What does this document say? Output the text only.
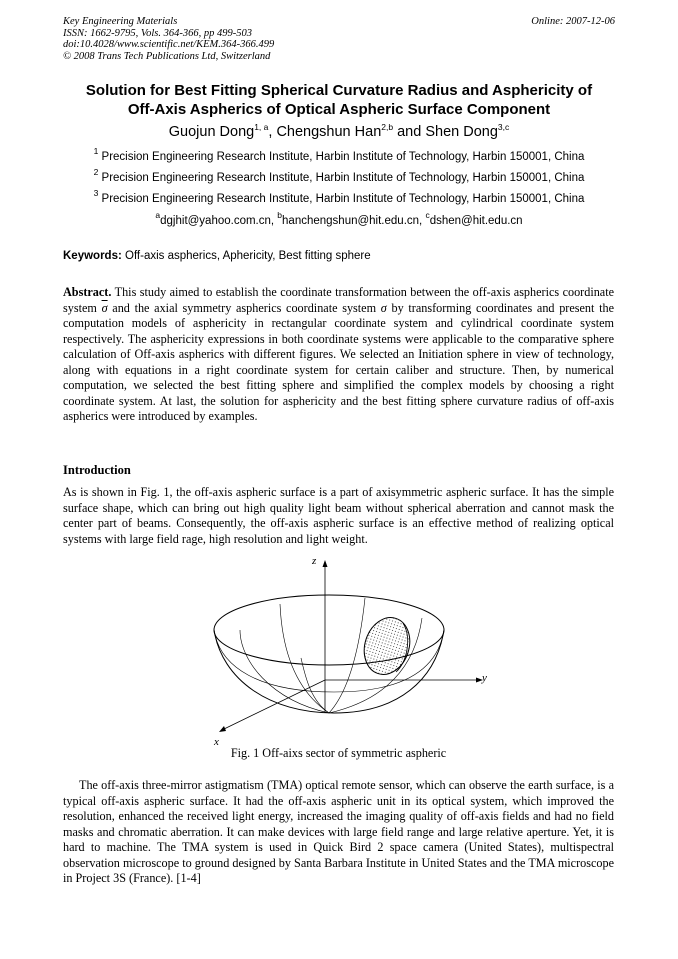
Key Engineering Materials
ISSN: 1662-9795, Vols. 364-366, pp 499-503
doi:10.4028/www.scientific.net/KEM.364-366.499
© 2008 Trans Tech Publications Ltd, Switzerland
Online: 2007-12-06
Solution for Best Fitting Spherical Curvature Radius and Asphericity of
Off-Axis Aspherics of Optical Aspheric Surface Component
Guojun Dong$^{1, a}$, Chengshun Han$^{2,b}$ and Shen Dong$^{3,c}$
$^1$ Precision Engineering Research Institute, Harbin Institute of Technology, Harbin 150001, China
$^2$ Precision Engineering Research Institute, Harbin Institute of Technology, Harbin 150001, China
$^3$ Precision Engineering Research Institute, Harbin Institute of Technology, Harbin 150001, China
$^a$dgjhit@yahoo.com.cn, $^b$hanchengshun@hit.edu.cn, $^c$dshen@hit.edu.cn
Keywords: Off-axis aspherics, Aphericity, Best fitting sphere
Abstract. This study aimed to establish the coordinate transformation between the off-axis aspherics coordinate system $\overline{\sigma}$ and the axial symmetry aspherics coordinate system σ by transforming coordinates and present the computation models of asphericity in rectangular coordinate system and cylindrical coordinate system respectively. The asphericity expressions in both coordinate systems were applicable to the comparative sphere calculation of Off-axis aspherics with different figures. We selected an Initiation sphere in view of technology, along with equations in a right coordinate system for certain caliber and structure. Then, by numerical computation, we selected the best fitting sphere and simplified the complex models by choosing a right coordinate system. At last, the solution for asphericity and the best fitting sphere curvature radius of off-axis aspherics were introduced by examples.
Introduction
As is shown in Fig. 1, the off-axis aspheric surface is a part of axisymmetric aspheric surface. It has the simple surface shape, which can bring out high quality light beam without spherical aberration and cannot mask the center part of beams. Consequently, the off-axis aspheric surface is an effective method of realizing optical systems with large field rage, high resolution and light weight.
z
y
x
Fig. 1 Off-aixs sector of symmetric aspheric
The off-axis three-mirror astigmatism (TMA) optical remote sensor, which can observe the earth surface, is a typical off-axis aspheric surface. It had the off-axis aspheric unit in its optical system, which improved the resolution, enhanced the received light energy, increased the imaging quality of off-axis fields and had no field masks and chromatic aberration. It can make devices with large field range and large relative aperture. Yet, it is hard to machine. The TMA system is used in Quick Bird 2 space camera (United States), multispectral observation microscope to ground designed by Santa Barbara Institute in United States and the TMA microscope in Project 3S (France). [1-4]
